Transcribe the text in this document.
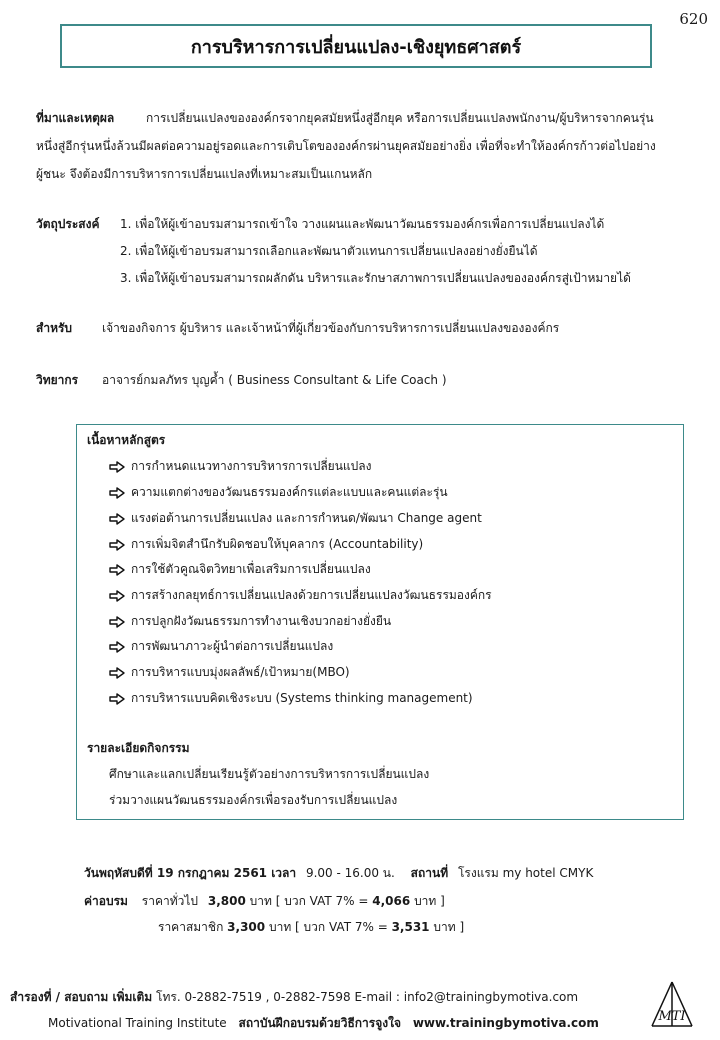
620
การบริหารการเปลี่ยนแปลง-เชิงยุทธศาสตร์
ที่มาและเหตุผล	การเปลี่ยนแปลงขององค์กรจากยุคสมัยหนึ่งสู่อีกยุค หรือการเปลี่ยนแปลงพนักงาน/ผู้บริหารจากคนรุ่น
หนึ่งสู่อีกรุ่นหนึ่งล้วนมีผลต่อความอยู่รอดและการเติบโตขององค์กรผ่านยุคสมัยอย่างยิ่ง เพื่อที่จะทำให้องค์กรก้าวต่อไปอย่าง
ผู้ชนะ จึงต้องมีการบริหารการเปลี่ยนแปลงที่เหมาะสมเป็นแกนหลัก
วัตถุประสงค์ 1. เพื่อให้ผู้เข้าอบรมสามารถเข้าใจ วางแผนและพัฒนาวัฒนธรรมองค์กรเพื่อการเปลี่ยนแปลงได้
2. เพื่อให้ผู้เข้าอบรมสามารถเลือกและพัฒนาตัวแทนการเปลี่ยนแปลงอย่างยั่งยืนได้
3. เพื่อให้ผู้เข้าอบรมสามารถผลักดัน บริหารและรักษาสภาพการเปลี่ยนแปลงขององค์กรสู่เป้าหมายได้
สำหรับ เจ้าของกิจการ ผู้บริหาร และเจ้าหน้าที่ผู้เกี่ยวข้องกับการบริหารการเปลี่ยนแปลงขององค์กร
วิทยากร อาจารย์กมลภัทร บุญค้ำ ( Business Consultant & Life Coach )
เนื้อหาหลักสูตร
การกำหนดแนวทางการบริหารการเปลี่ยนแปลง
ความแตกต่างของวัฒนธรรมองค์กรแต่ละแบบและคนแต่ละรุ่น
แรงต่อต้านการเปลี่ยนแปลง และการกำหนด/พัฒนา Change agent
การเพิ่มจิตสำนึกรับผิดชอบให้บุคลากร (Accountability)
การใช้ตัวคูณจิตวิทยาเพื่อเสริมการเปลี่ยนแปลง
การสร้างกลยุทธ์การเปลี่ยนแปลงด้วยการเปลี่ยนแปลงวัฒนธรรมองค์กร
การปลูกฝังวัฒนธรรมการทำงานเชิงบวกอย่างยั่งยืน
การพัฒนาภาวะผู้นำต่อการเปลี่ยนแปลง
การบริหารแบบมุ่งผลลัพธ์/เป้าหมาย(MBO)
การบริหารแบบคิดเชิงระบบ (Systems thinking management)
รายละเอียดกิจกรรม
ศึกษาและแลกเปลี่ยนเรียนรู้ตัวอย่างการบริหารการเปลี่ยนแปลง
ร่วมวางแผนวัฒนธรรมองค์กรเพื่อรองรับการเปลี่ยนแปลง
วันพฤหัสบดีที่ 19 กรกฎาคม 2561 เวลา 9.00 - 16.00 น. สถานที่ โรงแรม my hotel CMYK
ค่าอบรม ราคาทั่วไป 3,800 บาท [ บวก VAT 7% = 4,066 บาท ]
ราคาสมาชิก 3,300 บาท [ บวก VAT 7% = 3,531 บาท ]
สำรองที่ / สอบถาม เพิ่มเติม โทร. 0-2882-7519 , 0-2882-7598 E-mail : info2@trainingbymotiva.com
Motivational Training Institute สถาบันฝึกอบรมด้วยวิธีการจูงใจ www.trainingbymotiva.com	MTI
